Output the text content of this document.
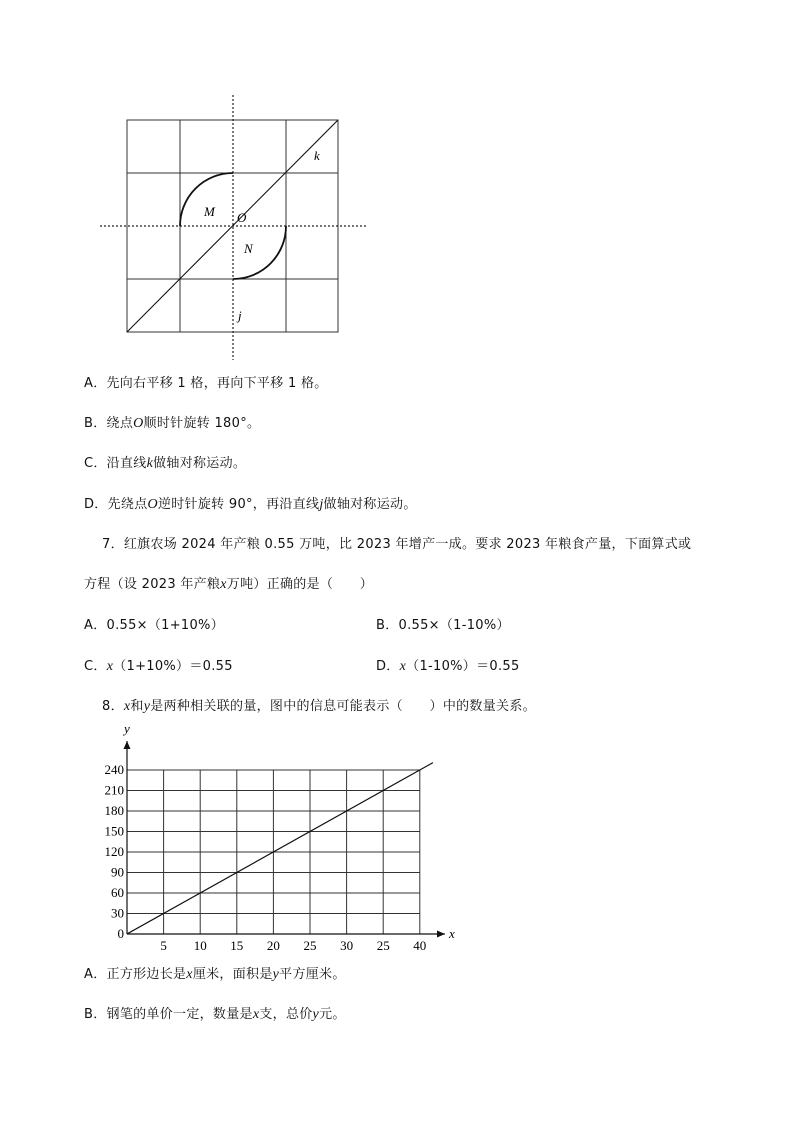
k
M O
N
j
A．先向右平移 1 格，再向下平移 1 格。
B．绕点O顺时针旋转 180°。
C．沿直线k做轴对称运动。
D．先绕点O逆时针旋转 90°，再沿直线j做轴对称运动。
7．红旗农场 2024 年产粮 0.55 万吨，比 2023 年增产一成。要求 2023 年粮食产量，下面算式或
方程（设 2023 年产粮x万吨）正确的是（　　）
A．0.55×（1+10%）	B．0.55×（1-10%）
C．x（1+10%）＝0.55	D．x（1-10%）＝0.55
8．x和y是两种相关联的量，图中的信息可能表示（　　）中的数量关系。
x
y
5 10 15 20 25 30 25 40
0
30
60
90
120
150
180
210
240
A．正方形边长是x厘米，面积是y平方厘米。
B．钢笔的单价一定，数量是x支，总价y元。
